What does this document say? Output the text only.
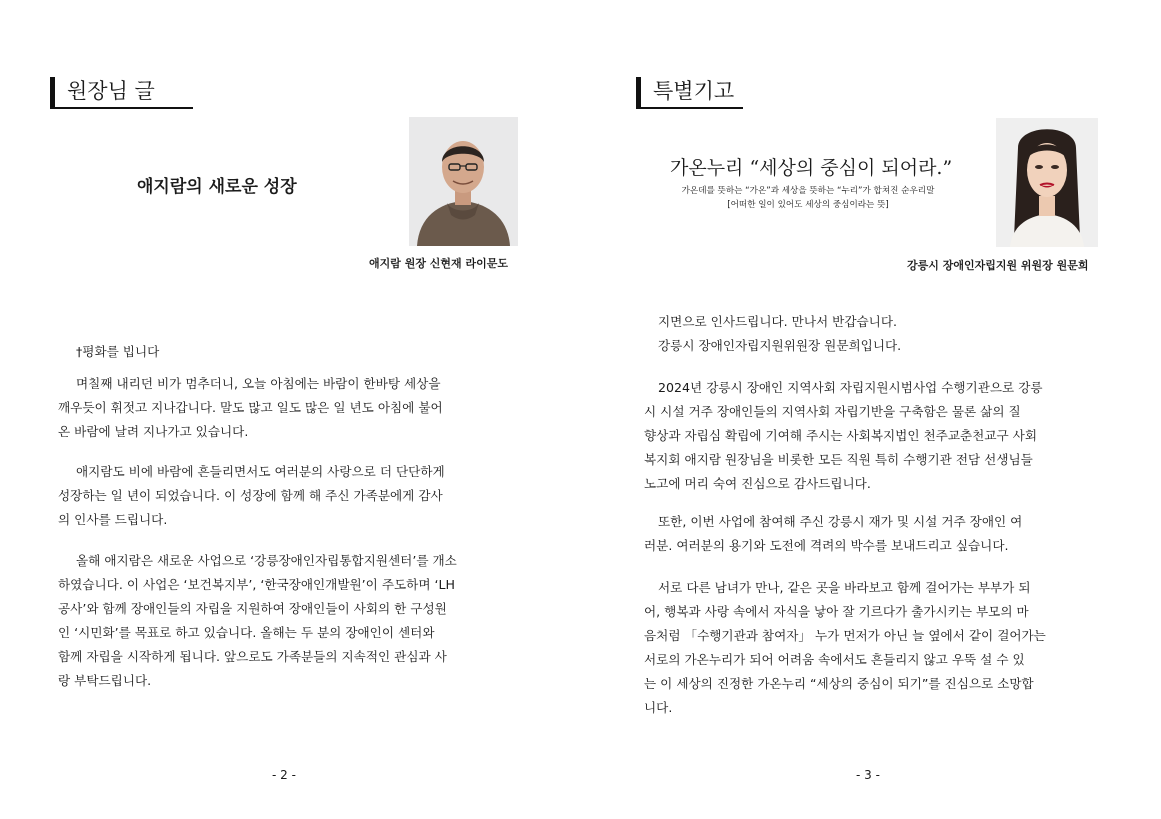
원장님 글
애지람의 새로운 성장
애지람 원장 신현재 라이문도
†평화를 빕니다
며칠째 내리던 비가 멈추더니, 오늘 아침에는 바람이 한바탕 세상을
깨우듯이 휘젓고 지나갑니다. 말도 많고 일도 많은 일 년도 아침에 불어
온 바람에 날려 지나가고 있습니다.
애지람도 비에 바람에 흔들리면서도 여러분의 사랑으로 더 단단하게
성장하는 일 년이 되었습니다. 이 성장에 함께 해 주신 가족분에게 감사
의 인사를 드립니다.
올해 애지람은 새로운 사업으로 ‘강릉장애인자립통합지원센터’를 개소
하였습니다. 이 사업은 ‘보건복지부’, ‘한국장애인개발원’이 주도하며 ‘LH
공사’와 함께 장애인들의 자립을 지원하여 장애인들이 사회의 한 구성원
인 ‘시민화’를 목표로 하고 있습니다. 올해는 두 분의 장애인이 센터와
함께 자립을 시작하게 됩니다. 앞으로도 가족분들의 지속적인 관심과 사
랑 부탁드립니다.
- 2 -
특별기고
가온누리 “세상의 중심이 되어라.”
가온데를 뜻하는 “가온”과 세상을 뜻하는 “누리”가 합쳐진 순우리말
[어떠한 일이 있어도 세상의 중심이라는 뜻]
강릉시 장애인자립지원 위원장 원문희
지면으로 인사드립니다. 만나서 반갑습니다.
강릉시 장애인자립지원위원장 원문희입니다.
2024년 강릉시 장애인 지역사회 자립지원시범사업 수행기관으로 강릉
시 시설 거주 장애인들의 지역사회 자립기반을 구축함은 물론 삶의 질
향상과 자립심 확립에 기여해 주시는 사회복지법인 천주교춘천교구 사회
복지회 애지람 원장님을 비롯한 모든 직원 특히 수행기관 전담 선생님들
노고에 머리 숙여 진심으로 감사드립니다.
또한, 이번 사업에 참여해 주신 강릉시 재가 및 시설 거주 장애인 여
러분. 여러분의 용기와 도전에 격려의 박수를 보내드리고 싶습니다.
서로 다른 남녀가 만나, 같은 곳을 바라보고 함께 걸어가는 부부가 되
어, 행복과 사랑 속에서 자식을 낳아 잘 기르다가 출가시키는 부모의 마
음처럼 「수행기관과 참여자」 누가 먼저가 아닌 늘 옆에서 같이 걸어가는
서로의 가온누리가 되어 어려움 속에서도 흔들리지 않고 우뚝 설 수 있
는 이 세상의 진정한 가온누리 “세상의 중심이 되기”를 진심으로 소망합
니다.
- 3 -
